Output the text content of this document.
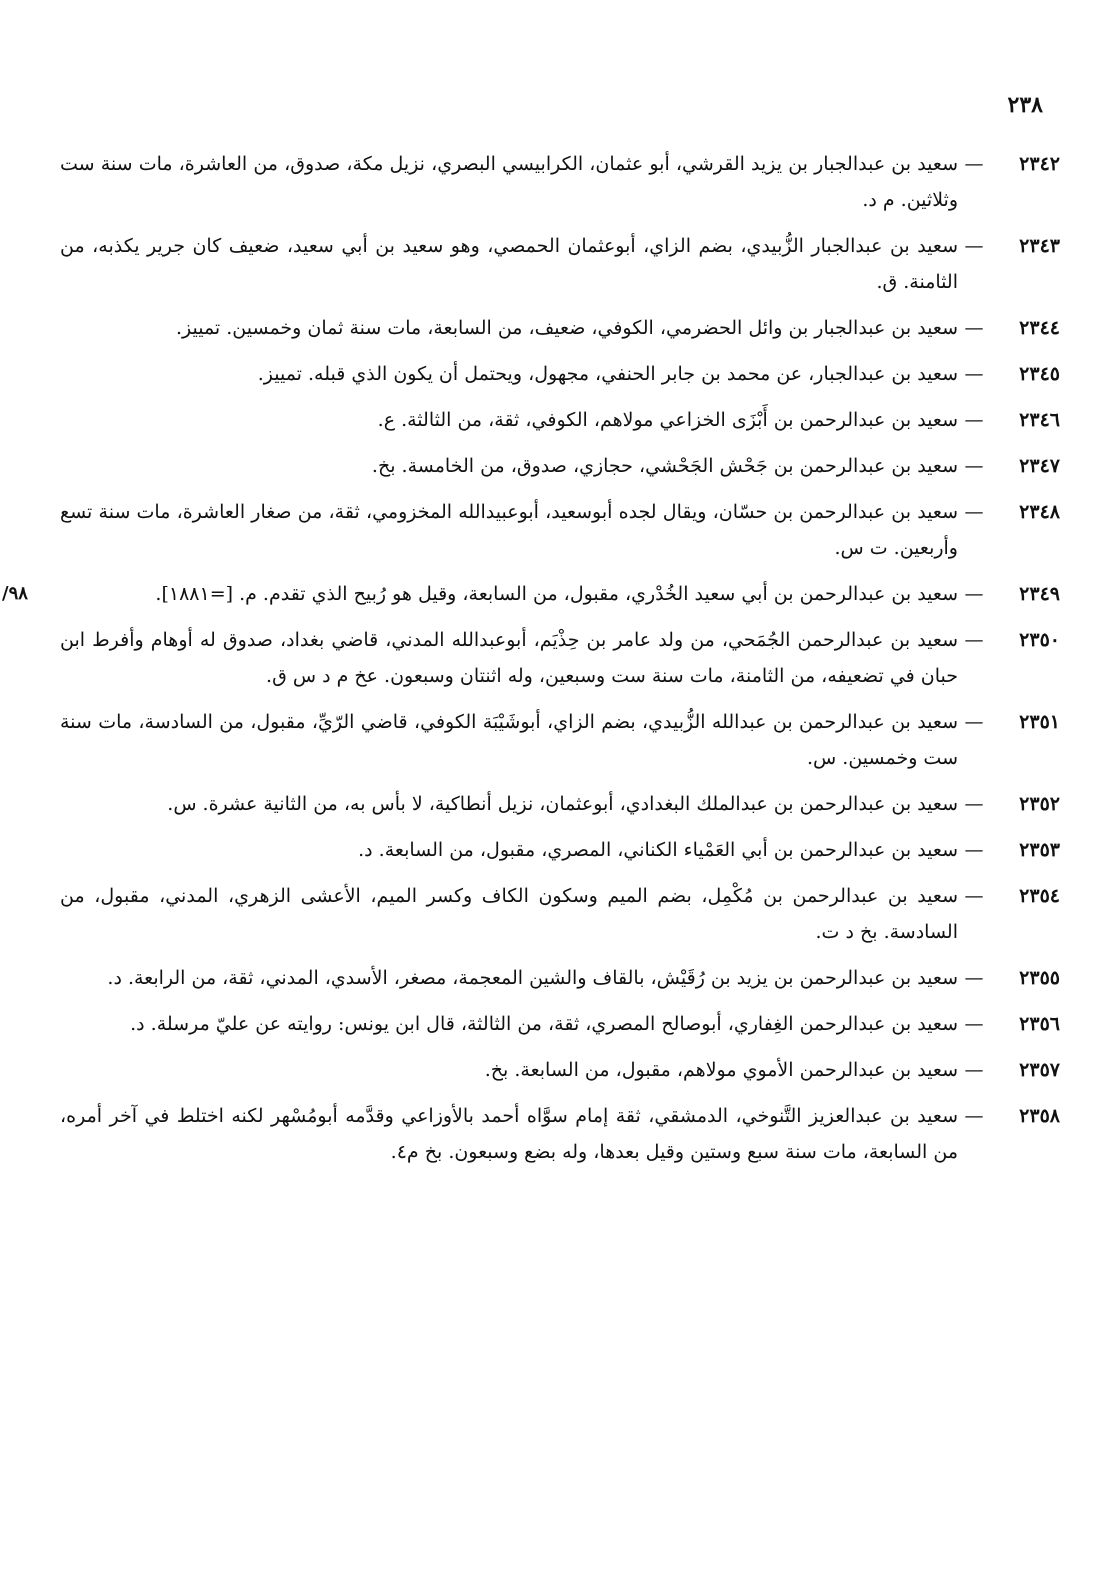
٢٣٨
٢٣٤٢
—
سعيد بن عبدالجبار بن يزيد القرشي، أبو عثمان، الكرابيسي البصري، نزيل مكة، صدوق، من العاشرة، مات سنة ست وثلاثين. م د.
٢٣٤٣
—
سعيد بن عبدالجبار الزُّبيدي، بضم الزاي، أبوعثمان الحمصي، وهو سعيد بن أبي سعيد، ضعيف كان جرير يكذبه، من الثامنة. ق.
٢٣٤٤
—
سعيد بن عبدالجبار بن وائل الحضرمي، الكوفي، ضعيف، من السابعة، مات سنة ثمان وخمسين. تمييز.
٢٣٤٥
—
سعيد بن عبدالجبار، عن محمد بن جابر الحنفي، مجهول، ويحتمل أن يكون الذي قبله. تمييز.
٢٣٤٦
—
سعيد بن عبدالرحمن بن أَبْزَى الخزاعي مولاهم، الكوفي، ثقة، من الثالثة. ع.
٢٣٤٧
—
سعيد بن عبدالرحمن بن جَحْش الجَحْشي، حجازي، صدوق، من الخامسة. بخ.
٢٣٤٨
—
سعيد بن عبدالرحمن بن حسّان، ويقال لجده أبوسعيد، أبوعبيدالله المخزومي، ثقة، من صغار العاشرة، مات سنة تسع وأربعين. ت س.
٢٣٤٩
—
٩٨/	سعيد بن عبدالرحمن بن أبي سعيد الخُدْري، مقبول، من السابعة، وقيل هو رُبيح الذي تقدم. م. [=١٨٨١].
٢٣٥٠
—
سعيد بن عبدالرحمن الجُمَحي، من ولد عامر بن حِذْيَم، أبوعبدالله المدني، قاضي بغداد، صدوق له أوهام وأفرط ابن حبان في تضعيفه، من الثامنة، مات سنة ست وسبعين، وله اثنتان وسبعون. عخ م د س ق.
٢٣٥١
—
سعيد بن عبدالرحمن بن عبدالله الزُّبيدي، بضم الزاي، أبوشَيْبَة الكوفي، قاضي الرّيِّ، مقبول، من السادسة، مات سنة ست وخمسين. س.
٢٣٥٢
—
سعيد بن عبدالرحمن بن عبدالملك البغدادي، أبوعثمان، نزيل أنطاكية، لا بأس به، من الثانية عشرة. س.
٢٣٥٣
—
سعيد بن عبدالرحمن بن أبي العَمْياء الكناني، المصري، مقبول، من السابعة. د.
٢٣٥٤
—
سعيد بن عبدالرحمن بن مُكْمِل، بضم الميم وسكون الكاف وكسر الميم، الأعشى الزهري، المدني، مقبول، من السادسة. بخ د ت.
٢٣٥٥
—
سعيد بن عبدالرحمن بن يزيد بن رُقَيْش، بالقاف والشين المعجمة، مصغر، الأسدي، المدني، ثقة، من الرابعة. د.
٢٣٥٦
—
سعيد بن عبدالرحمن الغِفاري، أبوصالح المصري، ثقة، من الثالثة، قال ابن يونس: روايته عن عليّ مرسلة. د.
٢٣٥٧
—
سعيد بن عبدالرحمن الأموي مولاهم، مقبول، من السابعة. بخ.
٢٣٥٨
—
سعيد بن عبدالعزيز التَّنوخي، الدمشقي، ثقة إمام سوَّاه أحمد بالأوزاعي وقدَّمه أبومُسْهر لكنه اختلط في آخر أمره، من السابعة، مات سنة سبع وستين وقيل بعدها، وله بضع وسبعون. بخ م٤.
